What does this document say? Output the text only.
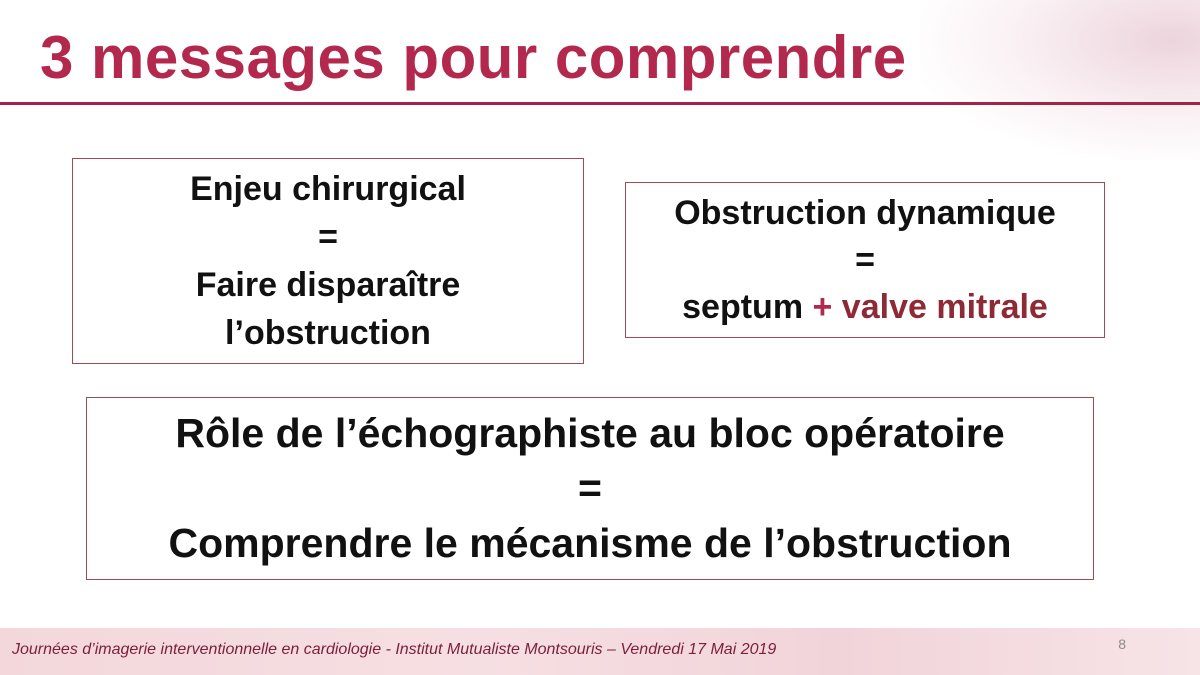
3 messages pour comprendre
Enjeu chirurgical
=
Faire disparaître
l’obstruction
Obstruction dynamique
=
septum + valve mitrale
Rôle de l’échographiste au bloc opératoire
=
Comprendre le mécanisme de l’obstruction
Journées d’imagerie interventionnelle en cardiologie - Institut Mutualiste Montsouris – Vendredi 17 Mai 2019	8
